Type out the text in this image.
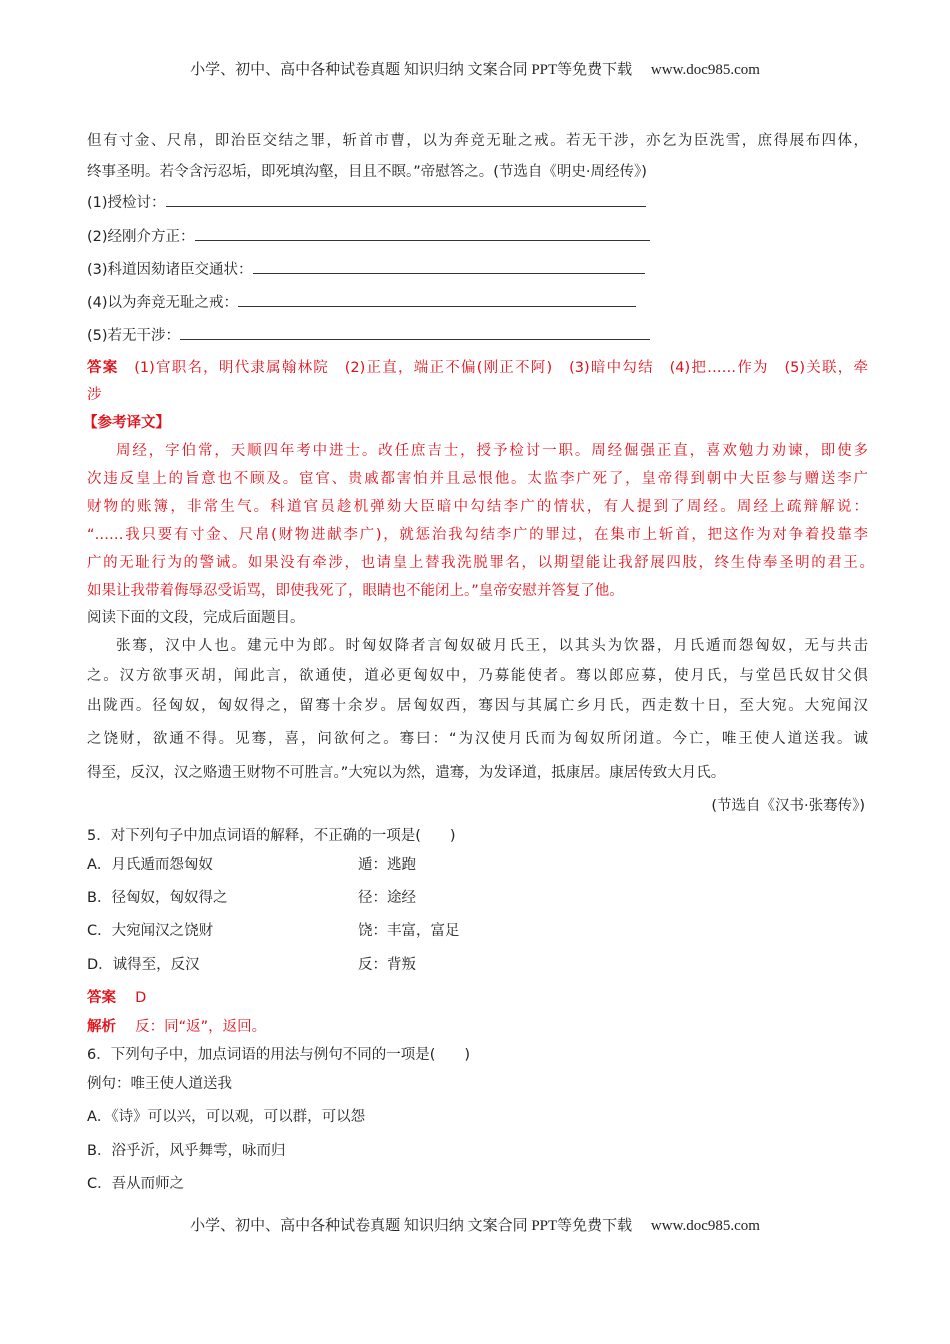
小学、初中、高中各种试卷真题 知识归纳 文案合同 PPT等免费下载 www.doc985.com
但有寸金、尺帛，即治臣交结之罪，斩首市曹，以为奔竞无耻之戒。若无干涉，亦乞为臣洗雪，庶得展布四体，
终事圣明。若令含污忍垢，即死填沟壑，目且不瞑。”帝慰答之。(节选自《明史·周经传》)
(1)授检讨：
(2)经刚介方正：
(3)科道因劾诸臣交通状：
(4)以为奔竞无耻之戒：
(5)若无干涉：
答案　 (1)官职名，明代隶属翰林院　(2)正直，端正不偏(刚正不阿)　(3)暗中勾结　(4)把……作为　(5)关联，牵
涉
【参考译文】
周经，字伯常，天顺四年考中进士。改任庶吉士，授予检讨一职。周经倔强正直，喜欢勉力劝谏，即使多
次违反皇上的旨意也不顾及。宦官、贵戚都害怕并且忌恨他。太监李广死了，皇帝得到朝中大臣参与赠送李广
财物的账簿，非常生气。科道官员趁机弹劾大臣暗中勾结李广的情状，有人提到了周经。周经上疏辩解说：
“……我只要有寸金、尺帛(财物进献李广)，就惩治我勾结李广的罪过，在集市上斩首，把这作为对争着投靠李
广的无耻行为的警诫。如果没有牵涉，也请皇上替我洗脱罪名，以期望能让我舒展四肢，终生侍奉圣明的君王。
如果让我带着侮辱忍受诟骂，即使我死了，眼睛也不能闭上。”皇帝安慰并答复了他。
阅读下面的文段，完成后面题目。
张骞，汉中人也。建元中为郎。时匈奴降者言匈奴破月氏王，以其头为饮器，月氏遁而怨匈奴，无与共击
之。汉方欲事灭胡，闻此言，欲通使，道必更匈奴中，乃募能使者。骞以郎应募，使月氏，与堂邑氏奴甘父俱
出陇西。径匈奴，匈奴得之，留骞十余岁。居匈奴西，骞因与其属亡乡月氏，西走数十日，至大宛。大宛闻汉
之饶财，欲通不得。见骞，喜，问欲何之。骞曰：“为汉使月氏而为匈奴所闭道。今亡，唯王使人道送我。诚
得至，反汉，汉之赂遗王财物不可胜言。”大宛以为然，遣骞，为发译道，抵康居。康居传致大月氏。
(节选自《汉书·张骞传》)
5．对下列句子中加点词语的解释，不正确的一项是(　　)
A．月氏遁而怨匈奴	遁：逃跑
B．径匈奴，匈奴得之	径：途经
C．大宛闻汉之饶财	饶：丰富，富足
D．诚得至，反汉	反：背叛
答案　 D
解析　 反：同“返”，返回。
6．下列句子中，加点词语的用法与例句不同的一项是(　　)
例句：唯王使人道送我
A．《诗》可以兴，可以观，可以群，可以怨
B．浴乎沂，风乎舞雩，咏而归
C．吾从而师之
小学、初中、高中各种试卷真题 知识归纳 文案合同 PPT等免费下载 www.doc985.com
